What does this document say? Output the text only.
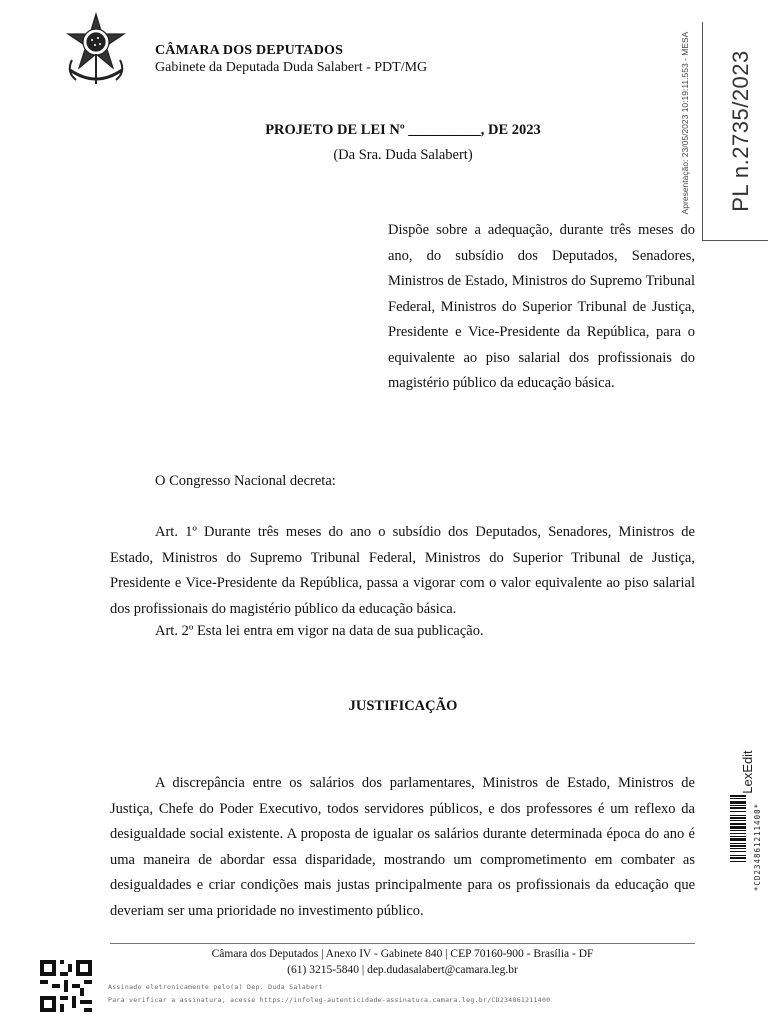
CÂMARA DOS DEPUTADOS
Gabinete da Deputada Duda Salabert - PDT/MG
PROJETO DE LEI Nº __________, DE 2023
(Da Sra. Duda Salabert)
Dispõe sobre a adequação, durante três meses do ano, do subsídio dos Deputados, Senadores, Ministros de Estado, Ministros do Supremo Tribunal Federal, Ministros do Superior Tribunal de Justiça, Presidente e Vice-Presidente da República, para o equivalente ao piso salarial dos profissionais do magistério público da educação básica.
O Congresso Nacional decreta:
Art. 1º Durante três meses do ano o subsídio dos Deputados, Senadores, Ministros de Estado, Ministros do Supremo Tribunal Federal, Ministros do Superior Tribunal de Justiça, Presidente e Vice-Presidente da República, passa a vigorar com o valor equivalente ao piso salarial dos profissionais do magistério público da educação básica.
Art. 2º Esta lei entra em vigor na data de sua publicação.
JUSTIFICAÇÃO
A discrepância entre os salários dos parlamentares, Ministros de Estado, Ministros de Justiça, Chefe do Poder Executivo, todos servidores públicos, e dos professores é um reflexo da desigualdade social existente. A proposta de igualar os salários durante determinada época do ano é uma maneira de abordar essa disparidade, mostrando um comprometimento em combater as desigualdades e criar condições mais justas principalmente para os profissionais da educação que deveriam ser uma prioridade no investimento público.
Câmara dos Deputados | Anexo IV - Gabinete 840 | CEP 70160-900 - Brasília - DF
(61) 3215-5840 | dep.dudasalabert@camara.leg.br
Assinado eletronicamente pelo(a) Dep. Duda Salabert
Para verificar a assinatura, acesse https://infoleg-autenticidade-assinatura.camara.leg.br/CD234861211400
Apresentação: 23/05/2023 10:19:11.553 - MESA PL n.2735/2023
LexEdit
*CD234861211400*
